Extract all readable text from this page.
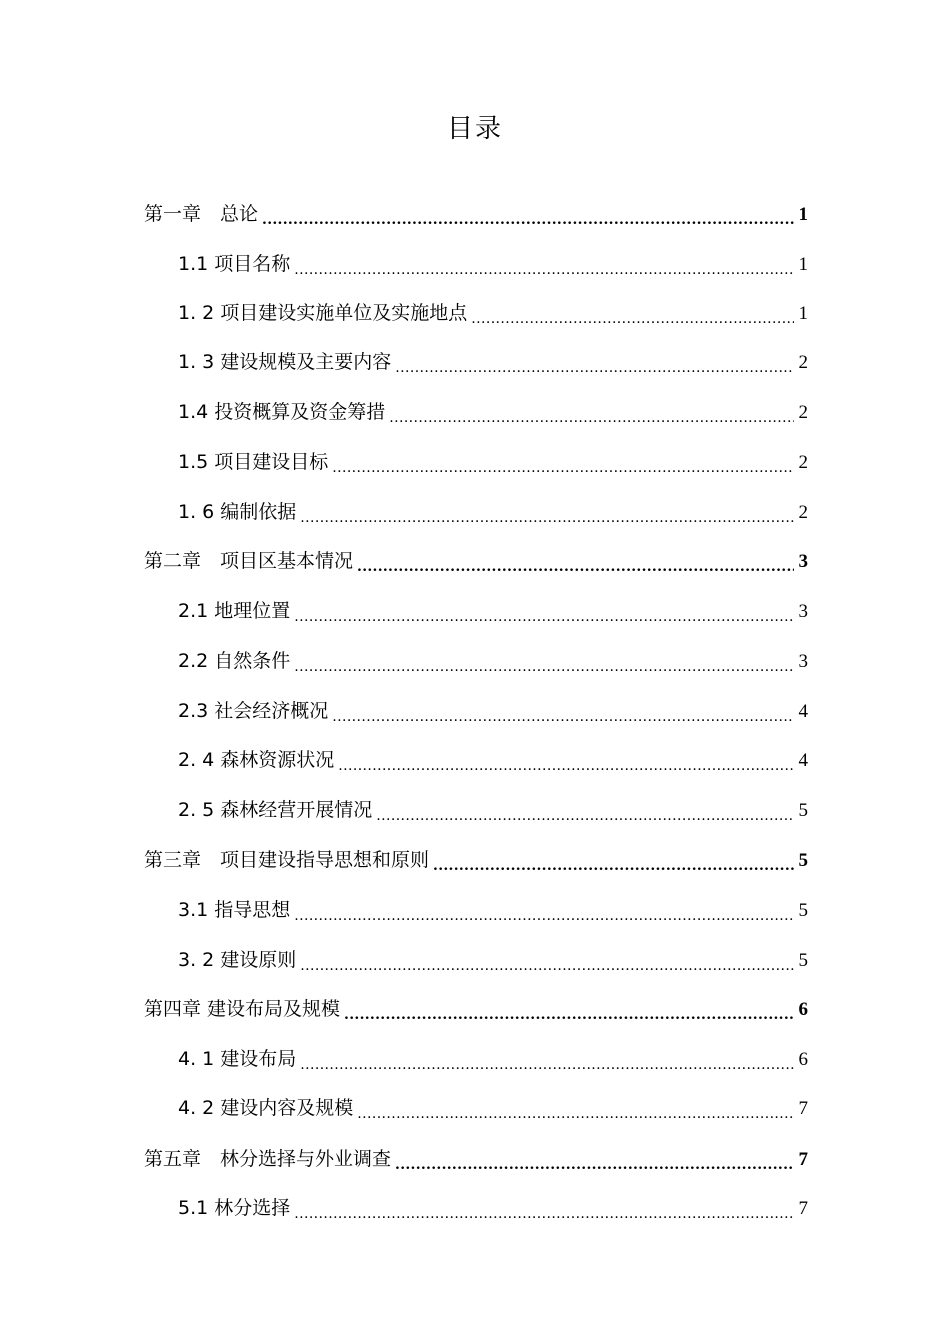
目录
第一章　总论 .....	1
1.1 项目名称 .....	1
1. 2 项目建设实施单位及实施地点 .....	1
1. 3 建设规模及主要内容 .....	2
1.4 投资概算及资金筹措 .....	2
1.5 项目建设目标 .....	2
1. 6 编制依据 .....	2
第二章　项目区基本情况 .....	3
2.1 地理位置 .....	3
2.2 自然条件 .....	3
2.3 社会经济概况 .....	4
2. 4 森林资源状况 .....	4
2. 5 森林经营开展情况 .....	5
第三章　项目建设指导思想和原则 .....	5
3.1 指导思想 .....	5
3. 2 建设原则 .....	5
第四章 建设布局及规模 .....	6
4. 1 建设布局 .....	6
4. 2 建设内容及规模 .....	7
第五章　林分选择与外业调查 .....	7
5.1 林分选择 .....	7
